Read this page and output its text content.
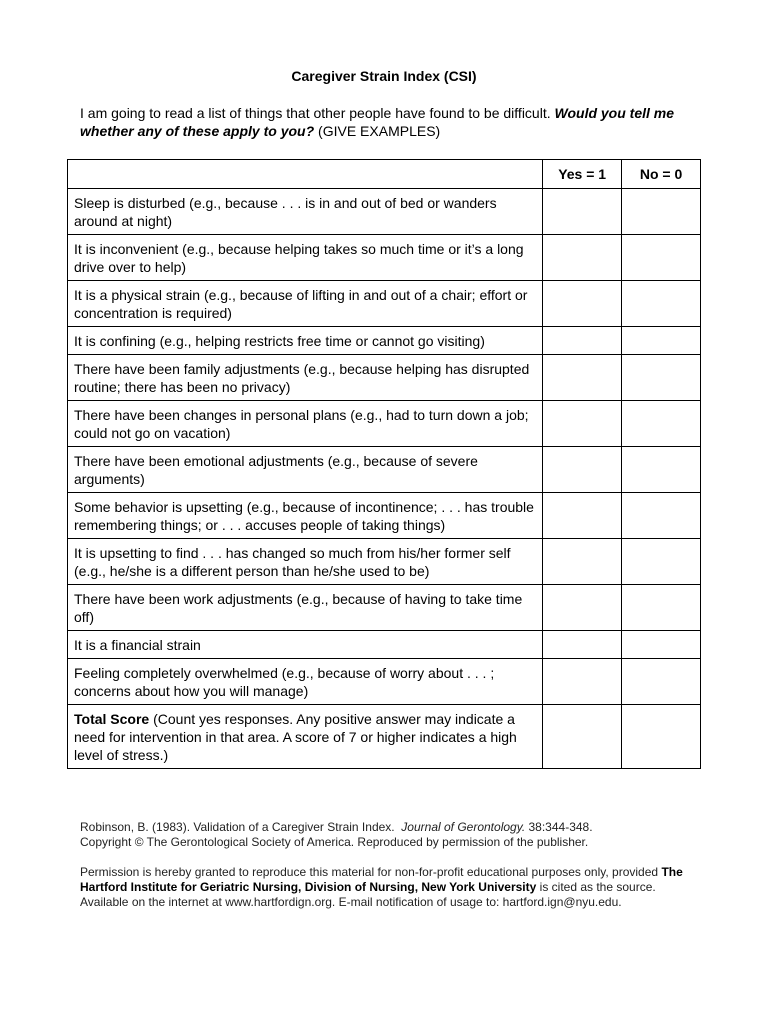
Caregiver Strain Index (CSI)
I am going to read a list of things that other people have found to be difficult. Would you tell me whether any of these apply to you? (GIVE EXAMPLES)
	Yes = 1	No = 0
Sleep is disturbed (e.g., because . . . is in and out of bed or wanders around at night)		
It is inconvenient (e.g., because helping takes so much time or it’s a long drive over to help)		
It is a physical strain (e.g., because of lifting in and out of a chair; effort or concentration is required)		
It is confining (e.g., helping restricts free time or cannot go visiting)		
There have been family adjustments (e.g., because helping has disrupted routine; there has been no privacy)		
There have been changes in personal plans (e.g., had to turn down a job; could not go on vacation)		
There have been emotional adjustments (e.g., because of severe arguments)		
Some behavior is upsetting (e.g., because of incontinence; . . . has trouble remembering things; or . . . accuses people of taking things)		
It is upsetting to find . . . has changed so much from his/her former self (e.g., he/she is a different person than he/she used to be)		
There have been work adjustments (e.g., because of having to take time off)		
It is a financial strain		
Feeling completely overwhelmed (e.g., because of worry about . . . ; concerns about how you will manage)		
Total Score (Count yes responses. Any positive answer may indicate a need for intervention in that area. A score of 7 or higher indicates a high level of stress.)		
Robinson, B. (1983). Validation of a Caregiver Strain Index. Journal of Gerontology. 38:344-348.
Copyright © The Gerontological Society of America. Reproduced by permission of the publisher.
Permission is hereby granted to reproduce this material for non-for-profit educational purposes only, provided The Hartford Institute for Geriatric Nursing, Division of Nursing, New York University is cited as the source. Available on the internet at www.hartfordign.org. E-mail notification of usage to: hartford.ign@nyu.edu.
